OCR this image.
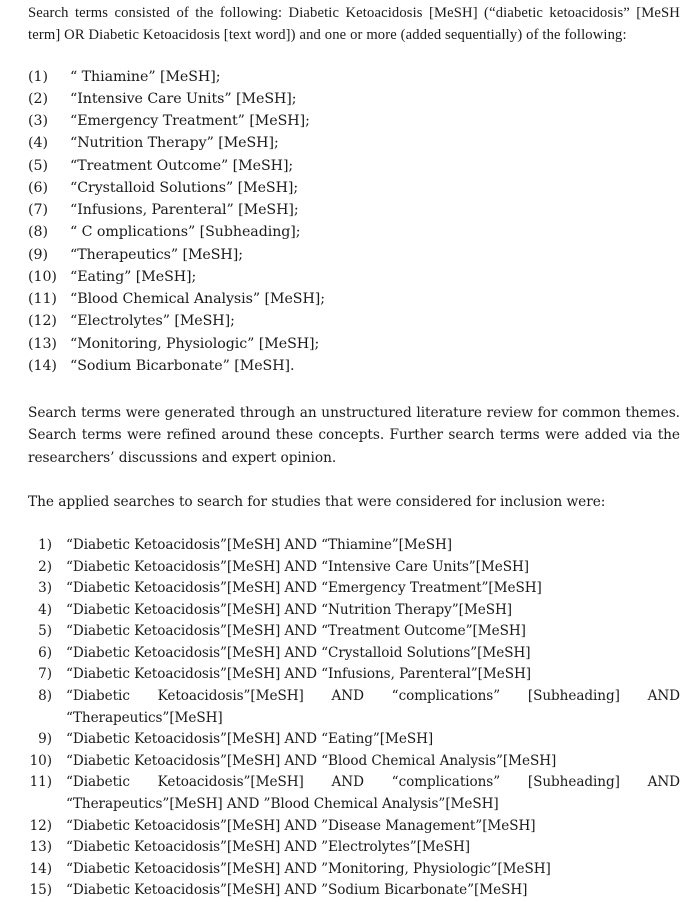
Search terms consisted of the following: Diabetic Ketoacidosis [MeSH] (“diabetic ketoacidosis” [MeSH term] OR Diabetic Ketoacidosis [text word]) and one or more (added sequentially) of the following:

(1)	“ Thiamine” [MeSH];
(2)	“Intensive Care Units” [MeSH];
(3)	“Emergency Treatment” [MeSH];
(4)	“Nutrition Therapy” [MeSH];
(5)	“Treatment Outcome” [MeSH];
(6)	“Crystalloid Solutions” [MeSH];
(7)	“Infusions, Parenteral” [MeSH];
(8)	“ C omplications” [Subheading];
(9)	“Therapeutics” [MeSH];
(10) “Eating” [MeSH];
(11) “Blood Chemical Analysis” [MeSH];
(12) “Electrolytes” [MeSH];
(13) “Monitoring, Physiologic” [MeSH];
(14) “Sodium Bicarbonate” [MeSH].

Search terms were generated through an unstructured literature review for common themes. Search terms were refined around these concepts. Further search terms were added via the researchers’ discussions and expert opinion.

The applied searches to search for studies that were considered for inclusion were:

1) “Diabetic Ketoacidosis”[MeSH] AND “Thiamine”[MeSH]
2) “Diabetic Ketoacidosis”[MeSH] AND “Intensive Care Units”[MeSH]
3) “Diabetic Ketoacidosis”[MeSH] AND “Emergency Treatment”[MeSH]
4) “Diabetic Ketoacidosis”[MeSH] AND “Nutrition Therapy”[MeSH]
5) “Diabetic Ketoacidosis”[MeSH] AND “Treatment Outcome”[MeSH]
6) “Diabetic Ketoacidosis”[MeSH] AND “Crystalloid Solutions”[MeSH]
7) “Diabetic Ketoacidosis”[MeSH] AND “Infusions, Parenteral”[MeSH]
8) “Diabetic Ketoacidosis”[MeSH] AND “complications” [Subheading] AND “Therapeutics”[MeSH]
9) “Diabetic Ketoacidosis”[MeSH] AND “Eating”[MeSH]
10) “Diabetic Ketoacidosis”[MeSH] AND “Blood Chemical Analysis”[MeSH]
11) “Diabetic Ketoacidosis”[MeSH] AND “complications” [Subheading] AND “Therapeutics”[MeSH] AND ”Blood Chemical Analysis”[MeSH]
12) “Diabetic Ketoacidosis”[MeSH] AND ”Disease Management”[MeSH]
13) “Diabetic Ketoacidosis”[MeSH] AND ”Electrolytes”[MeSH]
14) “Diabetic Ketoacidosis”[MeSH] AND ”Monitoring, Physiologic”[MeSH]
15) “Diabetic Ketoacidosis”[MeSH] AND ”Sodium Bicarbonate”[MeSH]
